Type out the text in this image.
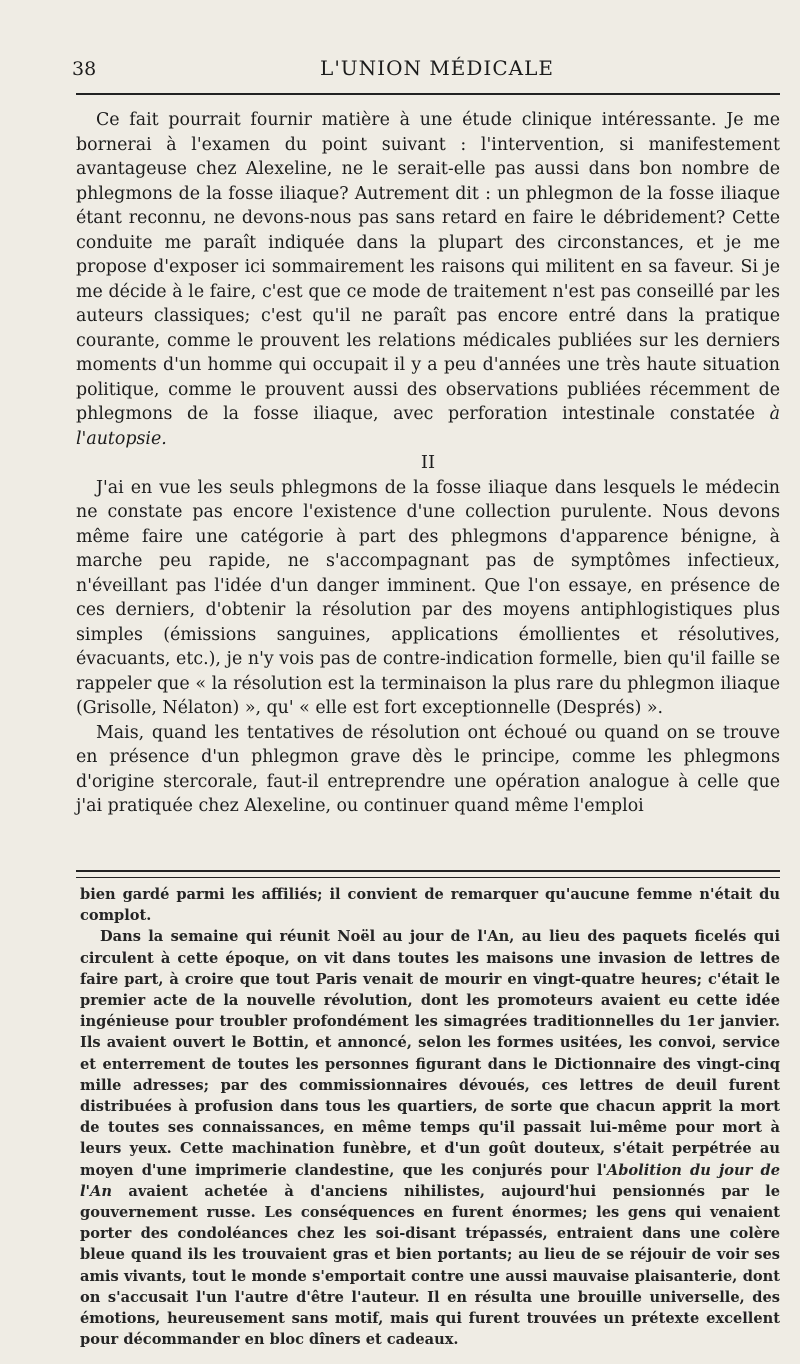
38	L'UNION MÉDICALE

Ce fait pourrait fournir matière à une étude clinique intéressante. Je me bornerai à l'examen du point suivant : l'intervention, si manifestement avantageuse chez Alexeline, ne le serait-elle pas aussi dans bon nombre de phlegmons de la fosse iliaque? Autrement dit : un phlegmon de la fosse iliaque étant reconnu, ne devons-nous pas sans retard en faire le débridement? Cette conduite me paraît indiquée dans la plupart des circonstances, et je me propose d'exposer ici sommairement les raisons qui militent en sa faveur. Si je me décide à le faire, c'est que ce mode de traitement n'est pas conseillé par les auteurs classiques; c'est qu'il ne paraît pas encore entré dans la pratique courante, comme le prouvent les relations médicales publiées sur les derniers moments d'un homme qui occupait il y a peu d'années une très haute situation politique, comme le prouvent aussi des observations publiées récemment de phlegmons de la fosse iliaque, avec perforation intestinale constatée à l'autopsie.

II

J'ai en vue les seuls phlegmons de la fosse iliaque dans lesquels le médecin ne constate pas encore l'existence d'une collection purulente. Nous devons même faire une catégorie à part des phlegmons d'apparence bénigne, à marche peu rapide, ne s'accompagnant pas de symptômes infectieux, n'éveillant pas l'idée d'un danger imminent. Que l'on essaye, en présence de ces derniers, d'obtenir la résolution par des moyens antiphlogistiques plus simples (émissions sanguines, applications émollientes et résolutives, évacuants, etc.), je n'y vois pas de contre-indication formelle, bien qu'il faille se rappeler que « la résolution est la terminaison la plus rare du phlegmon iliaque (Grisolle, Nélaton) », qu' « elle est fort exceptionnelle (Després) ».

Mais, quand les tentatives de résolution ont échoué ou quand on se trouve en présence d'un phlegmon grave dès le principe, comme les phlegmons d'origine stercorale, faut-il entreprendre une opération analogue à celle que j'ai pratiquée chez Alexeline, ou continuer quand même l'emploi

bien gardé parmi les affiliés; il convient de remarquer qu'aucune femme n'était du complot.

Dans la semaine qui réunit Noël au jour de l'An, au lieu des paquets ficelés qui circulent à cette époque, on vit dans toutes les maisons une invasion de lettres de faire part, à croire que tout Paris venait de mourir en vingt-quatre heures; c'était le premier acte de la nouvelle révolution, dont les promoteurs avaient eu cette idée ingénieuse pour troubler profondément les simagrées traditionnelles du 1er janvier. Ils avaient ouvert le Bottin, et annoncé, selon les formes usitées, les convoi, service et enterrement de toutes les personnes figurant dans le Dictionnaire des vingt-cinq mille adresses; par des commissionnaires dévoués, ces lettres de deuil furent distribuées à profusion dans tous les quartiers, de sorte que chacun apprit la mort de toutes ses connaissances, en même temps qu'il passait lui-même pour mort à leurs yeux. Cette machination funèbre, et d'un goût douteux, s'était perpétrée au moyen d'une imprimerie clandestine, que les conjurés pour l'Abolition du jour de l'An avaient achetée à d'anciens nihilistes, aujourd'hui pensionnés par le gouvernement russe. Les conséquences en furent énormes; les gens qui venaient porter des condoléances chez les soi-disant trépassés, entraient dans une colère bleue quand ils les trouvaient gras et bien portants; au lieu de se réjouir de voir ses amis vivants, tout le monde s'emportait contre une aussi mauvaise plaisanterie, dont on s'accusait l'un l'autre d'être l'auteur. Il en résulta une brouille universelle, des émotions, heureusement sans motif, mais qui furent trouvées un prétexte excellent pour décommander en bloc dîners et cadeaux.
